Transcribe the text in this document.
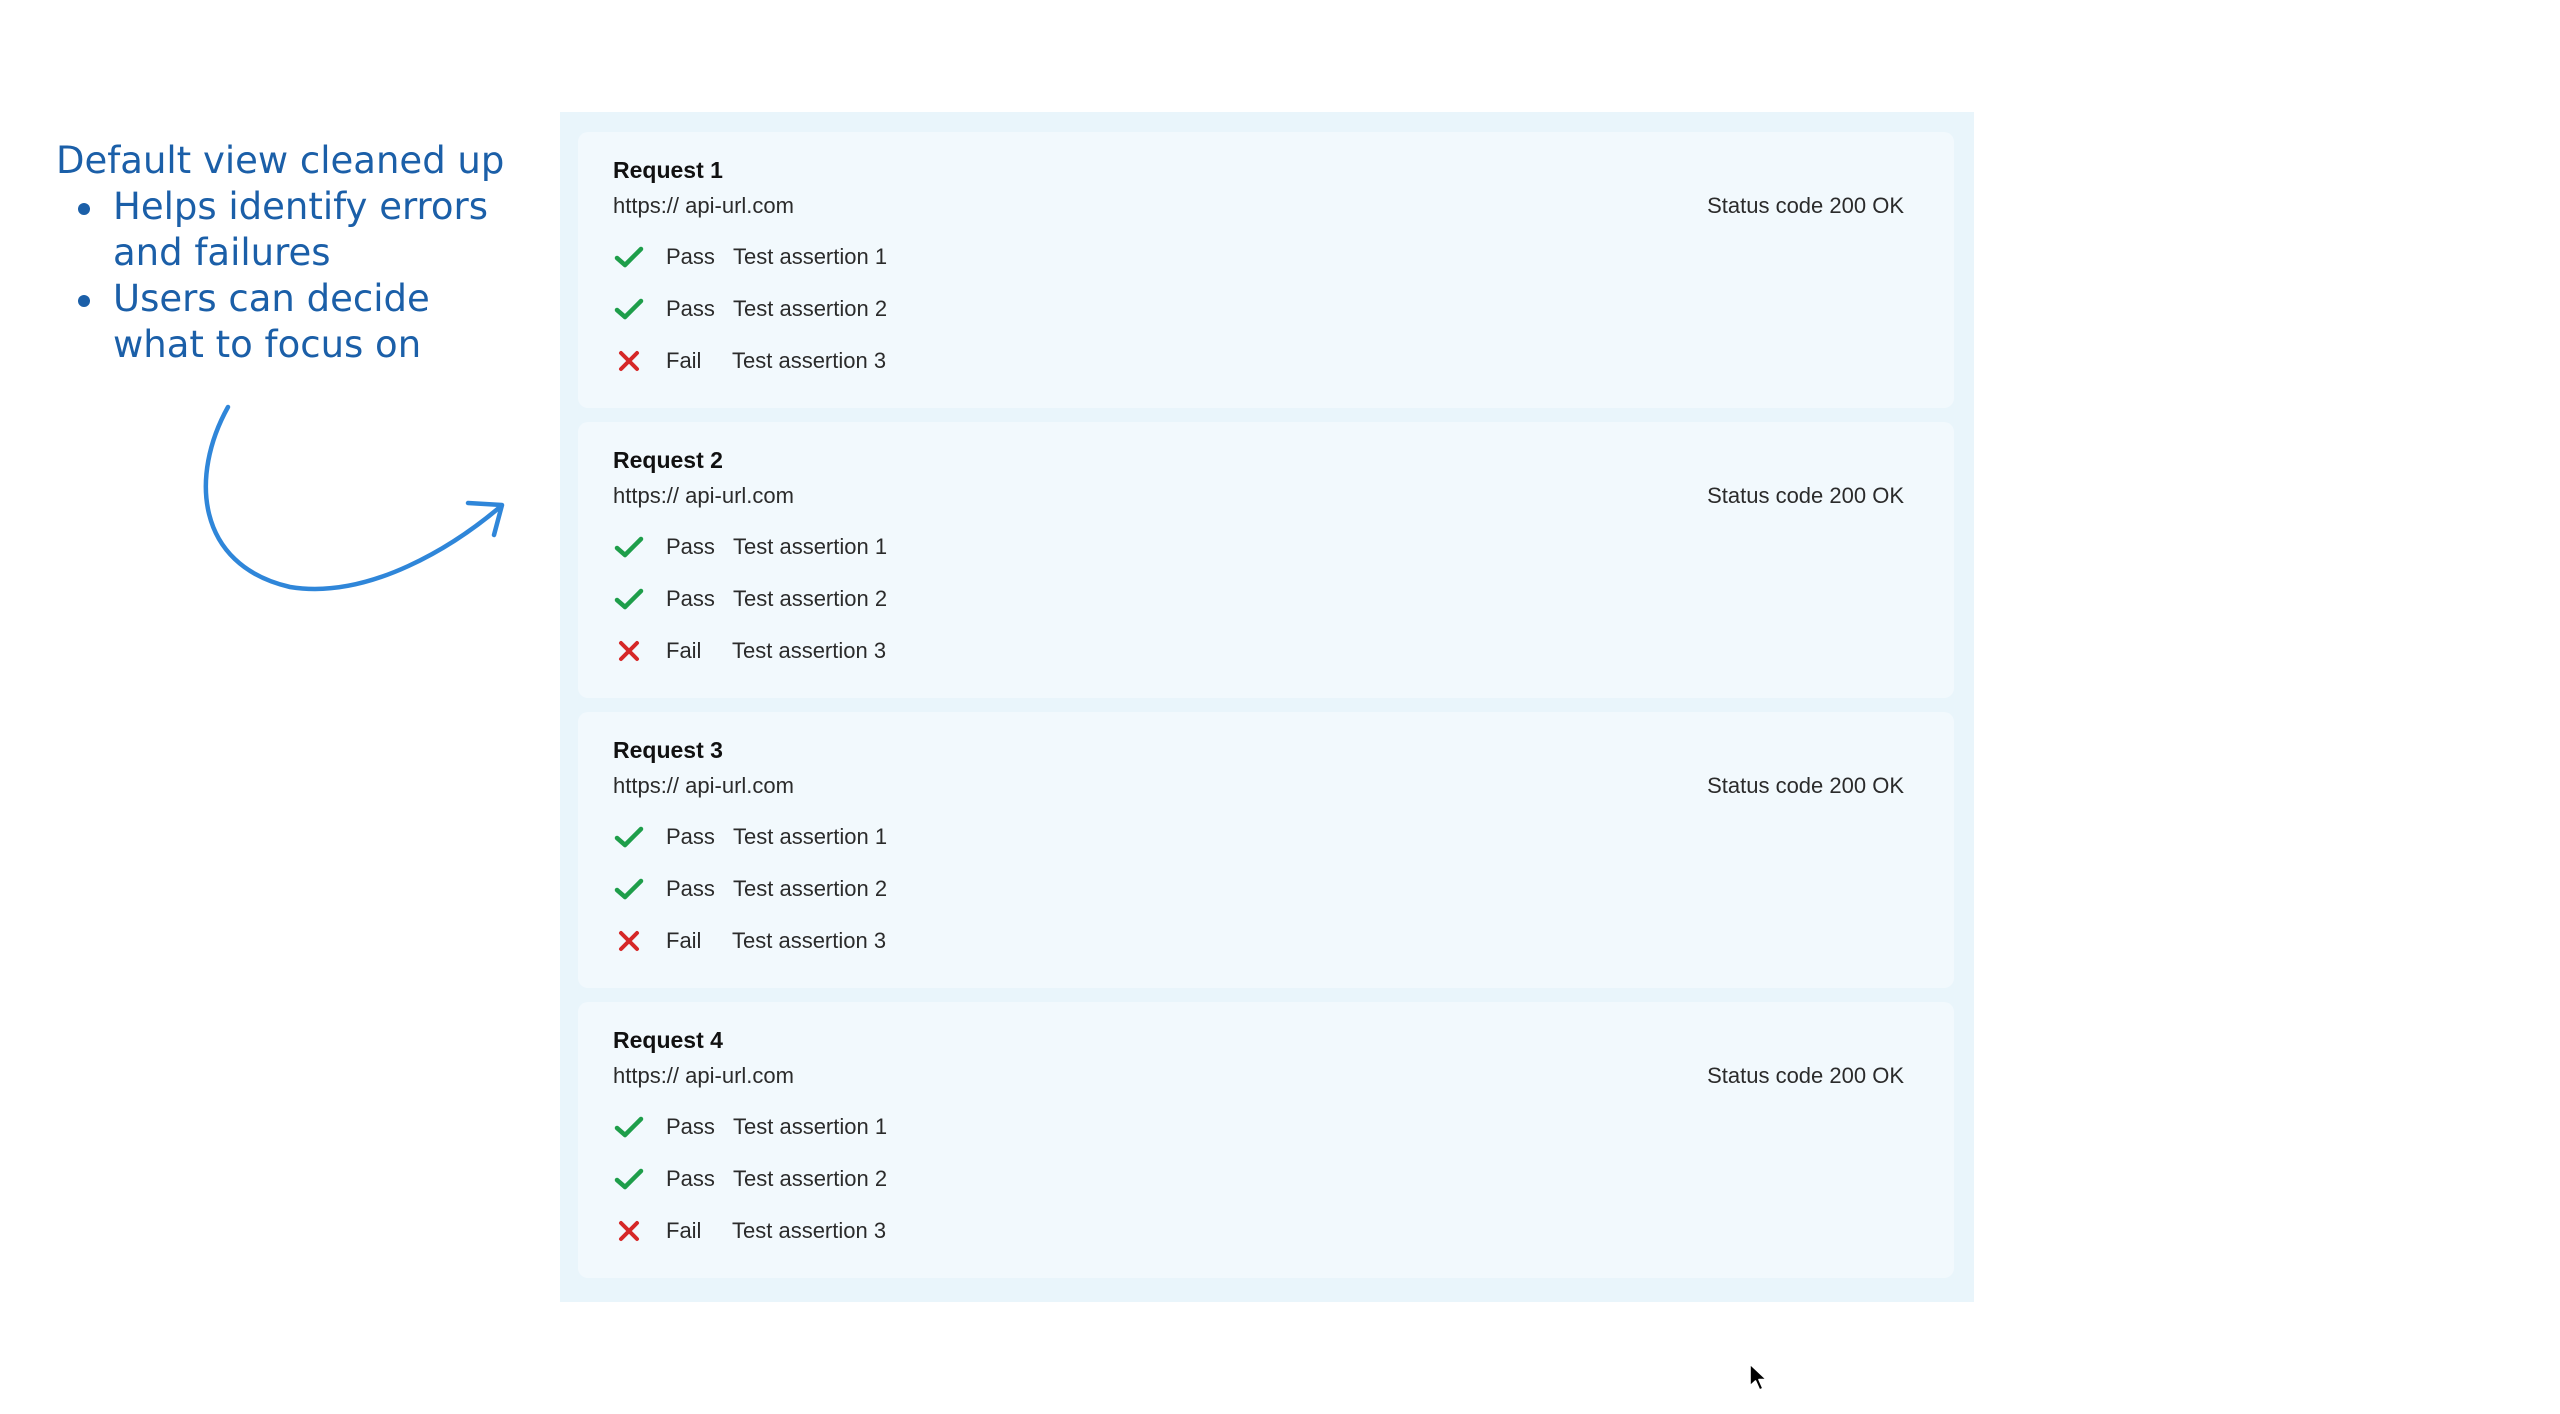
Default view cleaned up
Helps identify errors and failures
Users can decide what to focus on
Request 1
https:// api-url.com	Status code 200 OK
Pass Test assertion 1
Pass Test assertion 2
Fail	Test assertion 3
Request 2
https:// api-url.com	Status code 200 OK
Pass Test assertion 1
Pass Test assertion 2
Fail	Test assertion 3
Request 3
https:// api-url.com	Status code 200 OK
Pass Test assertion 1
Pass Test assertion 2
Fail	Test assertion 3
Request 4
https:// api-url.com	Status code 200 OK
Pass Test assertion 1
Pass Test assertion 2
Fail	Test assertion 3
